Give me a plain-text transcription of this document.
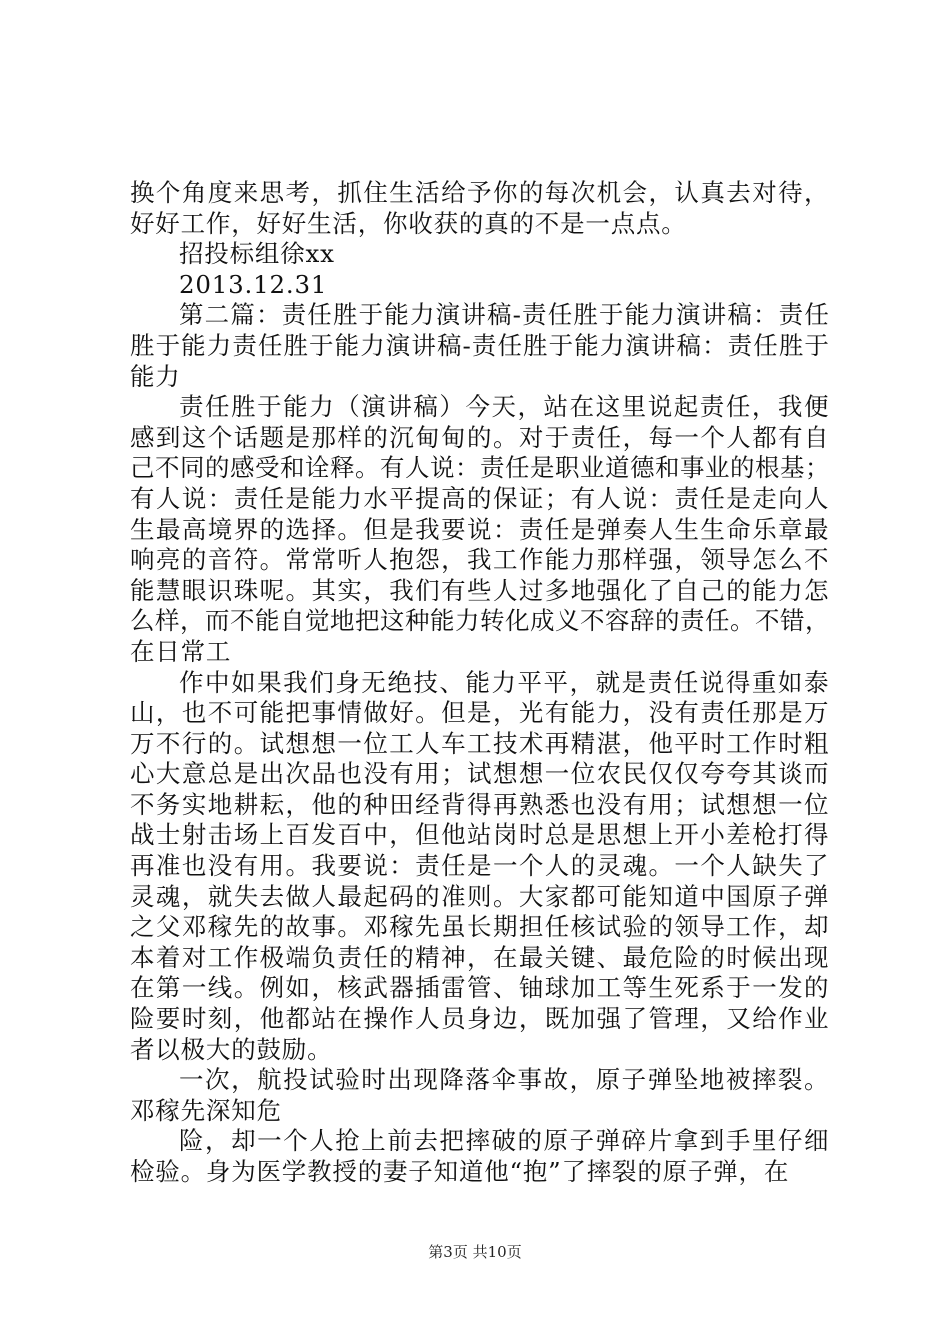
换个角度来思考，抓住生活给予你的每次机会，认真去对待，
好好工作，好好生活，你收获的真的不是一点点。
招投标组徐xx
2013.12.31
第二篇：责任胜于能力演讲稿-责任胜于能力演讲稿：责任
胜于能力责任胜于能力演讲稿-责任胜于能力演讲稿：责任胜于
能力
责任胜于能力（演讲稿）今天，站在这里说起责任，我便
感到这个话题是那样的沉甸甸的。对于责任，每一个人都有自
己不同的感受和诠释。有人说：责任是职业道德和事业的根基；
有人说：责任是能力水平提高的保证；有人说：责任是走向人
生最高境界的选择。但是我要说：责任是弹奏人生生命乐章最
响亮的音符。常常听人抱怨，我工作能力那样强，领导怎么不
能慧眼识珠呢。其实，我们有些人过多地强化了自己的能力怎
么样，而不能自觉地把这种能力转化成义不容辞的责任。不错，
在日常工
作中如果我们身无绝技、能力平平，就是责任说得重如泰
山，也不可能把事情做好。但是，光有能力，没有责任那是万
万不行的。试想想一位工人车工技术再精湛，他平时工作时粗
心大意总是出次品也没有用；试想想一位农民仅仅夸夸其谈而
不务实地耕耘，他的种田经背得再熟悉也没有用；试想想一位
战士射击场上百发百中，但他站岗时总是思想上开小差枪打得
再准也没有用。我要说：责任是一个人的灵魂。一个人缺失了
灵魂，就失去做人最起码的准则。大家都可能知道中国原子弹
之父邓稼先的故事。邓稼先虽长期担任核试验的领导工作，却
本着对工作极端负责任的精神，在最关键、最危险的时候出现
在第一线。例如，核武器插雷管、铀球加工等生死系于一发的
险要时刻，他都站在操作人员身边，既加强了管理，又给作业
者以极大的鼓励。
一次，航投试验时出现降落伞事故，原子弹坠地被摔裂。
邓稼先深知危
险，却一个人抢上前去把摔破的原子弹碎片拿到手里仔细
检验。身为医学教授的妻子知道他“抱”了摔裂的原子弹，在
第3页 共10页
